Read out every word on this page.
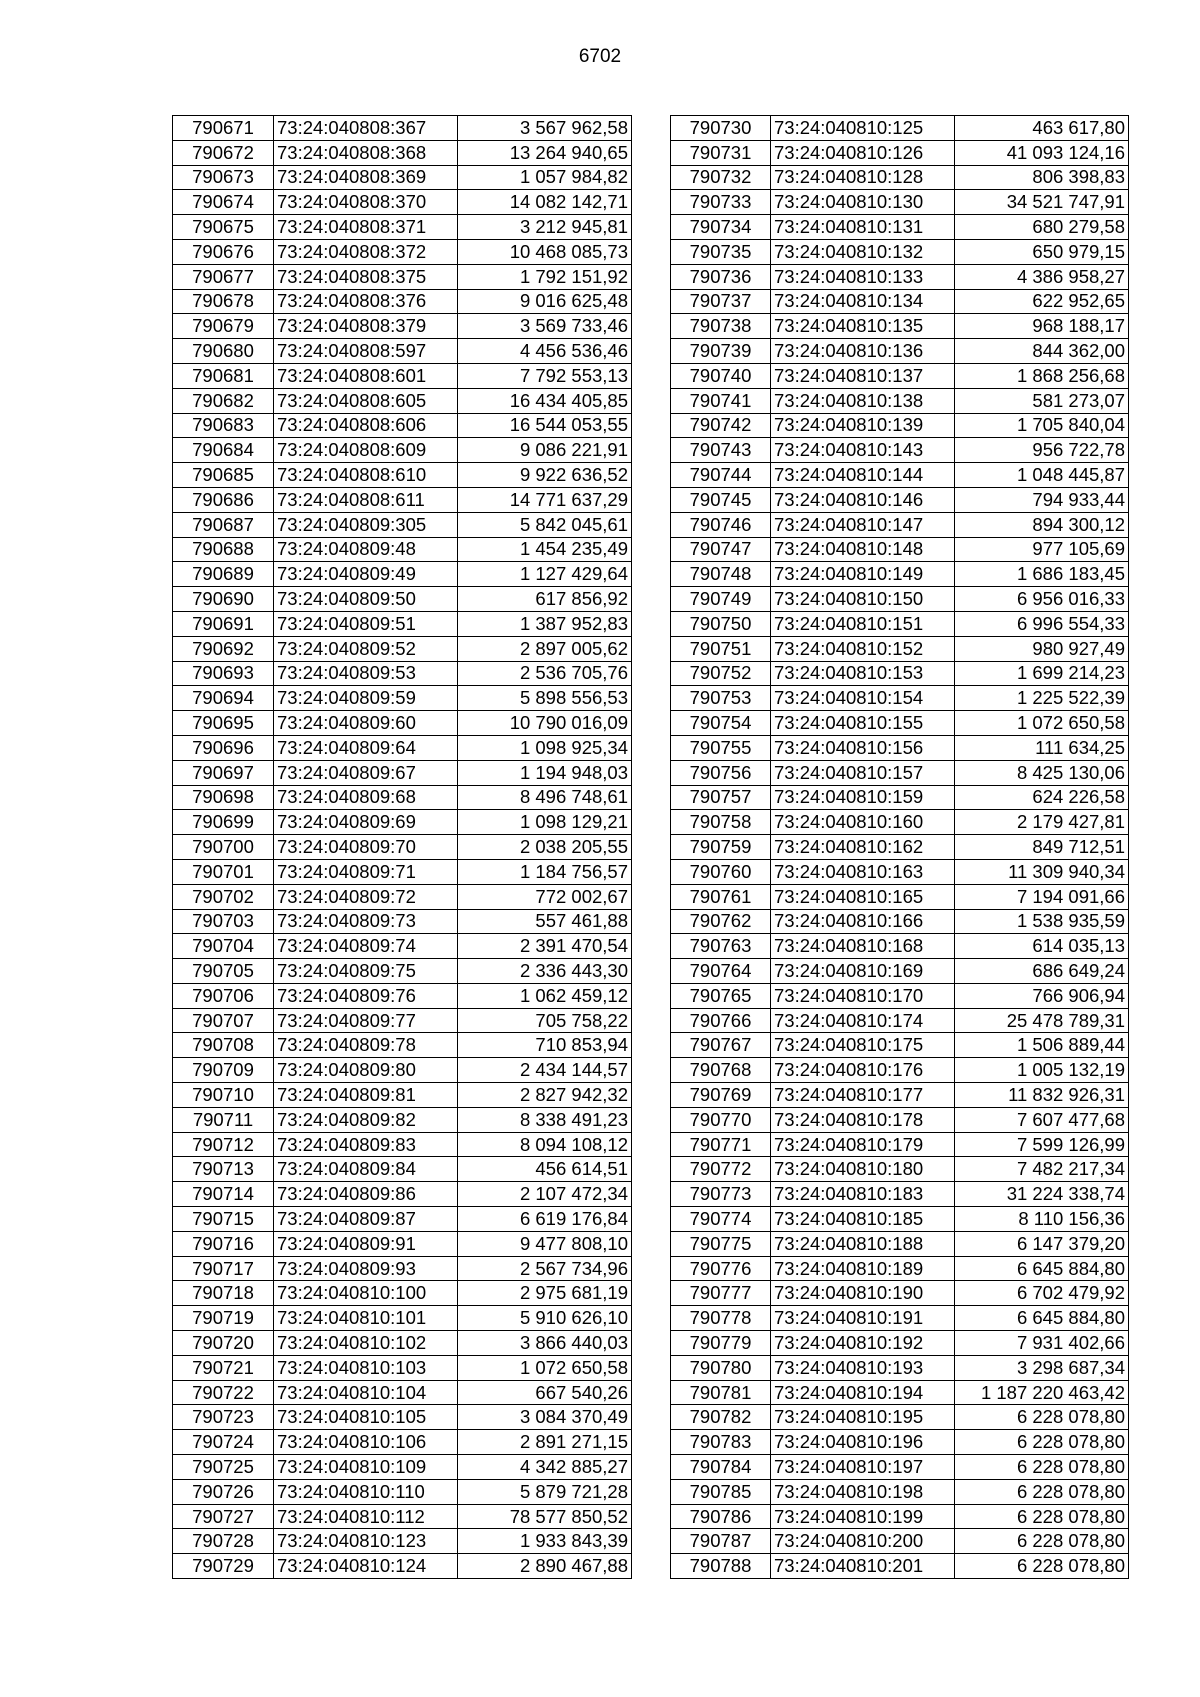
6702
790671	73:24:040808:367	3 567 962,58
790672	73:24:040808:368	13 264 940,65
790673	73:24:040808:369	1 057 984,82
790674	73:24:040808:370	14 082 142,71
790675	73:24:040808:371	3 212 945,81
790676	73:24:040808:372	10 468 085,73
790677	73:24:040808:375	1 792 151,92
790678	73:24:040808:376	9 016 625,48
790679	73:24:040808:379	3 569 733,46
790680	73:24:040808:597	4 456 536,46
790681	73:24:040808:601	7 792 553,13
790682	73:24:040808:605	16 434 405,85
790683	73:24:040808:606	16 544 053,55
790684	73:24:040808:609	9 086 221,91
790685	73:24:040808:610	9 922 636,52
790686	73:24:040808:611	14 771 637,29
790687	73:24:040809:305	5 842 045,61
790688	73:24:040809:48	1 454 235,49
790689	73:24:040809:49	1 127 429,64
790690	73:24:040809:50	617 856,92
790691	73:24:040809:51	1 387 952,83
790692	73:24:040809:52	2 897 005,62
790693	73:24:040809:53	2 536 705,76
790694	73:24:040809:59	5 898 556,53
790695	73:24:040809:60	10 790 016,09
790696	73:24:040809:64	1 098 925,34
790697	73:24:040809:67	1 194 948,03
790698	73:24:040809:68	8 496 748,61
790699	73:24:040809:69	1 098 129,21
790700	73:24:040809:70	2 038 205,55
790701	73:24:040809:71	1 184 756,57
790702	73:24:040809:72	772 002,67
790703	73:24:040809:73	557 461,88
790704	73:24:040809:74	2 391 470,54
790705	73:24:040809:75	2 336 443,30
790706	73:24:040809:76	1 062 459,12
790707	73:24:040809:77	705 758,22
790708	73:24:040809:78	710 853,94
790709	73:24:040809:80	2 434 144,57
790710	73:24:040809:81	2 827 942,32
790711	73:24:040809:82	8 338 491,23
790712	73:24:040809:83	8 094 108,12
790713	73:24:040809:84	456 614,51
790714	73:24:040809:86	2 107 472,34
790715	73:24:040809:87	6 619 176,84
790716	73:24:040809:91	9 477 808,10
790717	73:24:040809:93	2 567 734,96
790718	73:24:040810:100	2 975 681,19
790719	73:24:040810:101	5 910 626,10
790720	73:24:040810:102	3 866 440,03
790721	73:24:040810:103	1 072 650,58
790722	73:24:040810:104	667 540,26
790723	73:24:040810:105	3 084 370,49
790724	73:24:040810:106	2 891 271,15
790725	73:24:040810:109	4 342 885,27
790726	73:24:040810:110	5 879 721,28
790727	73:24:040810:112	78 577 850,52
790728	73:24:040810:123	1 933 843,39
790729	73:24:040810:124	2 890 467,88
790730	73:24:040810:125	463 617,80
790731	73:24:040810:126	41 093 124,16
790732	73:24:040810:128	806 398,83
790733	73:24:040810:130	34 521 747,91
790734	73:24:040810:131	680 279,58
790735	73:24:040810:132	650 979,15
790736	73:24:040810:133	4 386 958,27
790737	73:24:040810:134	622 952,65
790738	73:24:040810:135	968 188,17
790739	73:24:040810:136	844 362,00
790740	73:24:040810:137	1 868 256,68
790741	73:24:040810:138	581 273,07
790742	73:24:040810:139	1 705 840,04
790743	73:24:040810:143	956 722,78
790744	73:24:040810:144	1 048 445,87
790745	73:24:040810:146	794 933,44
790746	73:24:040810:147	894 300,12
790747	73:24:040810:148	977 105,69
790748	73:24:040810:149	1 686 183,45
790749	73:24:040810:150	6 956 016,33
790750	73:24:040810:151	6 996 554,33
790751	73:24:040810:152	980 927,49
790752	73:24:040810:153	1 699 214,23
790753	73:24:040810:154	1 225 522,39
790754	73:24:040810:155	1 072 650,58
790755	73:24:040810:156	111 634,25
790756	73:24:040810:157	8 425 130,06
790757	73:24:040810:159	624 226,58
790758	73:24:040810:160	2 179 427,81
790759	73:24:040810:162	849 712,51
790760	73:24:040810:163	11 309 940,34
790761	73:24:040810:165	7 194 091,66
790762	73:24:040810:166	1 538 935,59
790763	73:24:040810:168	614 035,13
790764	73:24:040810:169	686 649,24
790765	73:24:040810:170	766 906,94
790766	73:24:040810:174	25 478 789,31
790767	73:24:040810:175	1 506 889,44
790768	73:24:040810:176	1 005 132,19
790769	73:24:040810:177	11 832 926,31
790770	73:24:040810:178	7 607 477,68
790771	73:24:040810:179	7 599 126,99
790772	73:24:040810:180	7 482 217,34
790773	73:24:040810:183	31 224 338,74
790774	73:24:040810:185	8 110 156,36
790775	73:24:040810:188	6 147 379,20
790776	73:24:040810:189	6 645 884,80
790777	73:24:040810:190	6 702 479,92
790778	73:24:040810:191	6 645 884,80
790779	73:24:040810:192	7 931 402,66
790780	73:24:040810:193	3 298 687,34
790781	73:24:040810:194	1 187 220 463,42
790782	73:24:040810:195	6 228 078,80
790783	73:24:040810:196	6 228 078,80
790784	73:24:040810:197	6 228 078,80
790785	73:24:040810:198	6 228 078,80
790786	73:24:040810:199	6 228 078,80
790787	73:24:040810:200	6 228 078,80
790788	73:24:040810:201	6 228 078,80
